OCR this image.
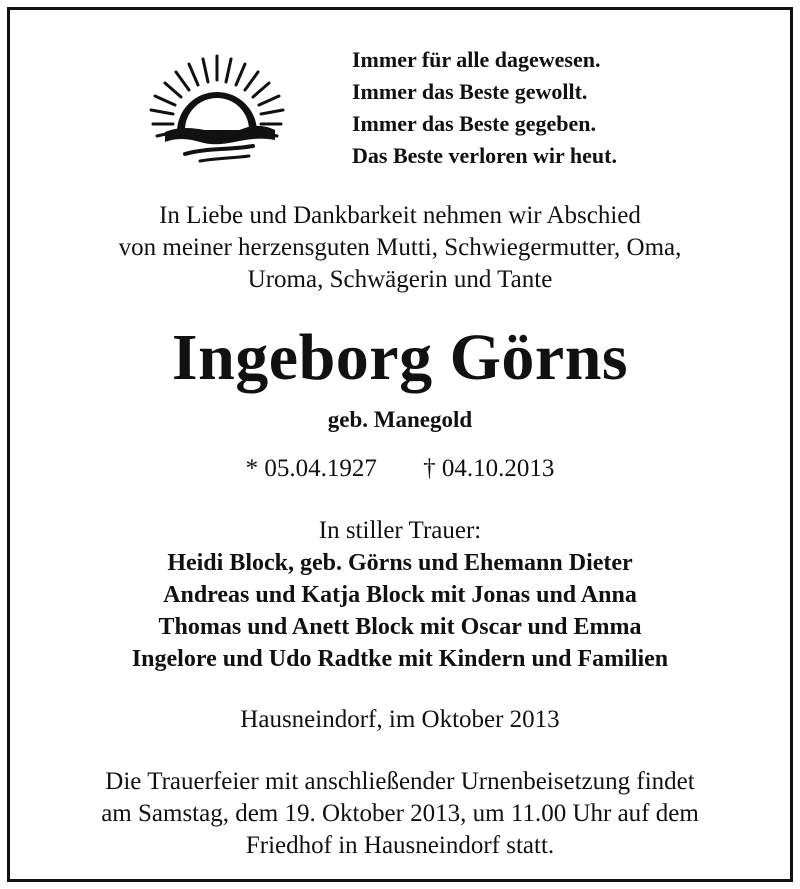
Immer für alle dagewesen.
Immer das Beste gewollt.
Immer das Beste gegeben.
Das Beste verloren wir heut.
In Liebe und Dankbarkeit nehmen wir Abschied
von meiner herzensguten Mutti, Schwiegermutter, Oma,
Uroma, Schwägerin und Tante
Ingeborg Görns
geb. Manegold
* 05.04.1927 † 04.10.2013
In stiller Trauer:
Heidi Block, geb. Görns und Ehemann Dieter
Andreas und Katja Block mit Jonas und Anna
Thomas und Anett Block mit Oscar und Emma
Ingelore und Udo Radtke mit Kindern und Familien
Hausneindorf, im Oktober 2013
Die Trauerfeier mit anschließender Urnenbeisetzung findet
am Samstag, dem 19. Oktober 2013, um 11.00 Uhr auf dem
Friedhof in Hausneindorf statt.
